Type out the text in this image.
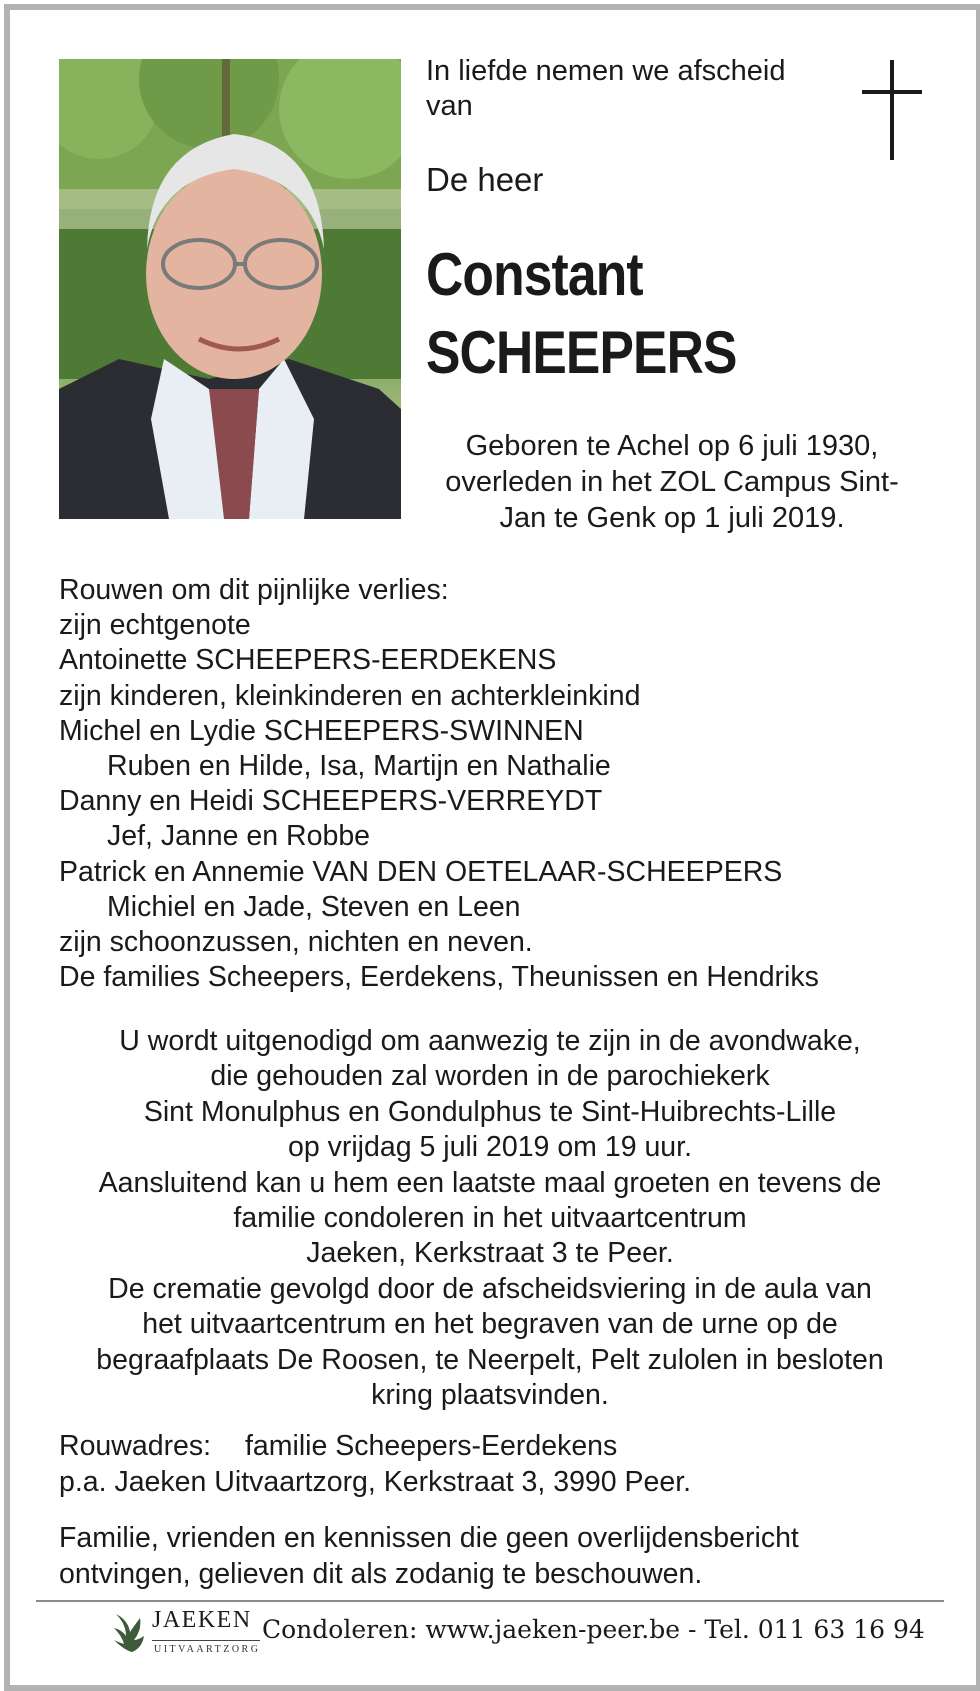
In liefde nemen we afscheid
van
De heer
Constant
SCHEEPERS
Geboren te Achel op 6 juli 1930,
overleden in het ZOL Campus Sint-
Jan te Genk op 1 juli 2019.
Rouwen om dit pijnlijke verlies:
zijn echtgenote
Antoinette SCHEEPERS-EERDEKENS
zijn kinderen, kleinkinderen en achterkleinkind
Michel en Lydie SCHEEPERS-SWINNEN
Ruben en Hilde, Isa, Martijn en Nathalie
Danny en Heidi SCHEEPERS-VERREYDT
Jef, Janne en Robbe
Patrick en Annemie VAN DEN OETELAAR-SCHEEPERS
Michiel en Jade, Steven en Leen
zijn schoonzussen, nichten en neven.
De families Scheepers, Eerdekens, Theunissen en Hendriks
U wordt uitgenodigd om aanwezig te zijn in de avondwake,
die gehouden zal worden in de parochiekerk
Sint Monulphus en Gondulphus te Sint-Huibrechts-Lille
op vrijdag 5 juli 2019 om 19 uur.
Aansluitend kan u hem een laatste maal groeten en tevens de
familie condoleren in het uitvaartcentrum
Jaeken, Kerkstraat 3 te Peer.
De crematie gevolgd door de afscheidsviering in de aula van
het uitvaartcentrum en het begraven van de urne op de
begraafplaats De Roosen, te Neerpelt, Pelt zulolen in besloten
kring plaatsvinden.
Rouwadres: familie Scheepers-Eerdekens
p.a. Jaeken Uitvaartzorg, Kerkstraat 3, 3990 Peer.
Familie, vrienden en kennissen die geen overlijdensbericht
ontvingen, gelieven dit als zodanig te beschouwen.
JAEKEN
UITVAARTZORG
Condoleren: www.jaeken-peer.be - Tel. 011 63 16 94
